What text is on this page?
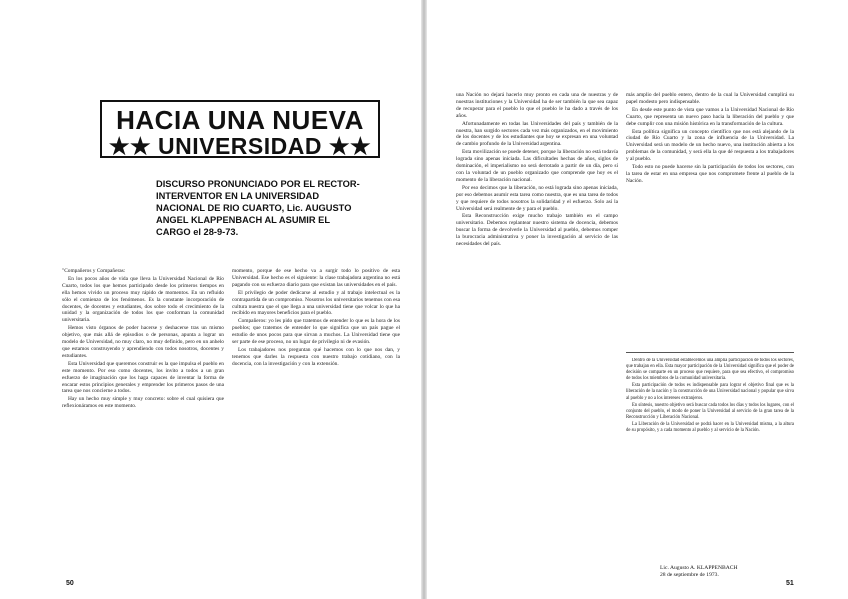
HACIA UNA NUEVA
★★ UNIVERSIDAD ★★
DISCURSO PRONUNCIADO POR EL RECTOR-
INTERVENTOR EN LA UNIVERSIDAD
NACIONAL DE RIO CUARTO, Lic. AUGUSTO
ANGEL KLAPPENBACH AL ASUMIR EL
CARGO el 28-9-73.

"Compañeros y Compañeras:

En los pocos años de vida que lleva la Universidad Nacional de Río Cuarto, todos los que hemos participado desde los primeros tiempos en ella hemos vivido un proceso muy rápido de momentos. En un refluido sólo el comienzo de los fenómenos. Es la constante incorporación de docentes, de docentes y estudiantes, dos sobre todo el crecimiento de la unidad y la organización de todos los que conforman la comunidad universitaria.

Hemos visto órganos de poder hacerse y deshacerse tras un mismo objetivo, que más allá de episodios o de personas, apunta a lograr un modelo de Universidad, no muy claro, no muy definido, pero en un anhelo que estamos construyendo y aprendiendo con todos nosotros, docentes y estudiantes.

Esta Universidad que queremos construir es la que impulsa el pueblo en este momento. Por eso como docentes, los invito a todos a un gran esfuerzo de imaginación que los haga capaces de inventar la forma de encarar estos principios generales y emprender los primeros pasos de una tarea que nos concierne a todos.

Hay un hecho muy simple y muy concreto: sobre el cual quisiera que reflexionáramos en este momento.

momento, porque de ese hecho va a surgir todo lo positivo de esta Universidad. Ese hecho es el siguiente: la clase trabajadora argentina no está pagando con su esfuerzo diario para que existan las universidades en el país.

El privilegio de poder dedicarse al estudio y al trabajo intelectual es la contrapartida de un compromiso. Nosotros los universitarios tenemos con esa cultura nuestra que el que llega a una universidad tiene que volcar lo que ha recibido en mayores beneficios para el pueblo.

Compañeros: yo les pido que tratemos de entender lo que es la hora de los pueblos; que tratemos de entender lo que significa que un país pague el estudio de unos pocos para que sirvan a muchos. La Universidad tiene que ser parte de ese proceso, no un lugar de privilegio ni de evasión.

Los trabajadores nos preguntan qué hacemos con lo que nos dan, y tenemos que darles la respuesta con nuestro trabajo cotidiano, con la docencia, con la investigación y con la extensión.

una Nación no dejará hacerlo muy pronto en cada una de nuestras y de nuestras instituciones y la Universidad ha de ser también la que sea capaz de recuperar para el pueblo lo que el pueblo le ha dado a través de los años.

Afortunadamente en todas las Universidades del país y también de la nuestra, han surgido sectores cada vez más organizados, en el movimiento de los docentes y de los estudiantes que hoy se expresan en una voluntad de cambio profundo de la Universidad argentina.

Esta movilización se puede detener, porque la liberación no está todavía lograda sino apenas iniciada. Las dificultades hechas de años, siglos de dominación, el imperialismo no será derrotado a partir de un día, pero sí con la voluntad de un pueblo organizado que comprende que hoy es el momento de la liberación nacional.

Por eso decimos que la liberación, no está lograda sino apenas iniciada, por eso debemos asumir esta tarea como nuestra, que es una tarea de todos y que requiere de todos nosotros la solidaridad y el esfuerzo. Solo así la Universidad será realmente de y para el pueblo.

Esta Reconstrucción exige mucho trabajo también en el campo universitario. Debemos replantear nuestro sistema de docencia, debemos buscar la forma de devolverle la Universidad al pueblo, debemos romper la burocracia administrativa y poner la investigación al servicio de las necesidades del país.

más amplio del pueblo entero, dentro de la cual la Universidad cumplirá su papel modesto pero indispensable.

En desde este punto de vista que vamos a la Universidad Nacional de Río Cuarto, que representa un nuevo paso hacia la liberación del pueblo y que debe cumplir con una misión histórica en la transformación de la cultura.

Esta política significa un concepto científico que nos está alejando de la ciudad de Río Cuarto y la zona de influencia de la Universidad. La Universidad será un modelo de un hecho nuevo, una institución abierta a los problemas de la comunidad, y será ella la que dé respuesta a los trabajadores y al pueblo.

Todo esto no puede hacerse sin la participación de todos los sectores, con la tarea de estar en una empresa que nos compromete frente al pueblo de la Nación.

Dentro de la Universidad establecemos una amplia participación de todos los sectores, que trabajan en ella. Esta mayor participación de la Universidad significa que el poder de decisión se comparte en un proceso que requiere, para que sea efectivo, el compromiso de todos los miembros de la comunidad universitaria.

Esta participación de todos es indispensable para lograr el objetivo final que es la liberación de la nación y la construcción de una Universidad nacional y popular que sirva al pueblo y no a los intereses extranjeros.

En síntesis, nuestro objetivo será buscar cada todos los días y todos los lugares, con el conjunto del pueblo, el modo de poner la Universidad al servicio de la gran tarea de la Reconstrucción y Liberación Nacional.

La Liberación de la Universidad se podrá hacer en la Universidad misma, a la altura de su propósito, y a cada momento al pueblo y al servicio de la Nación.

Lic. Augusto A. KLAPPENBACH
28 de septiembre de 1973.
50	51
